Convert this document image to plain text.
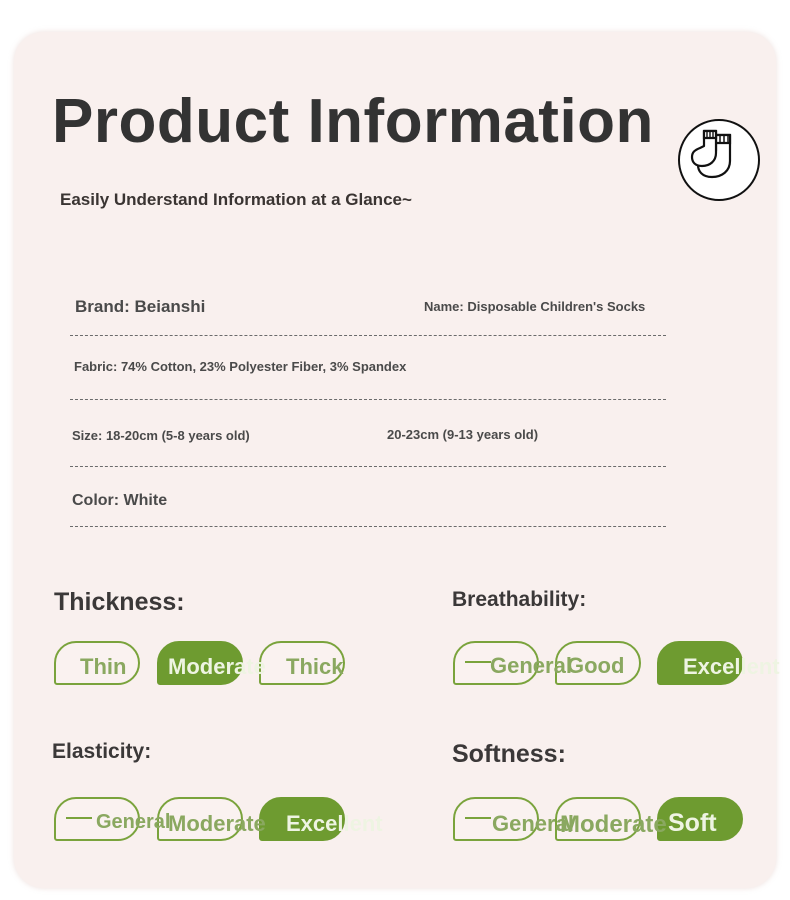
Product Information
Easily Understand Information at a Glance~
Brand: Beianshi	Name: Disposable Children's Socks
Fabric: 74% Cotton, 23% Polyester Fiber, 3% Spandex
Size: 18-20cm (5-8 years old)	20-23cm (9-13 years old)
Color: White
Thickness:
Thin Moderate Thick
Breathability:
General
Good	Excellent
Elasticity:
General
Moderate Excellent
Softness:
General
Moderate Soft
